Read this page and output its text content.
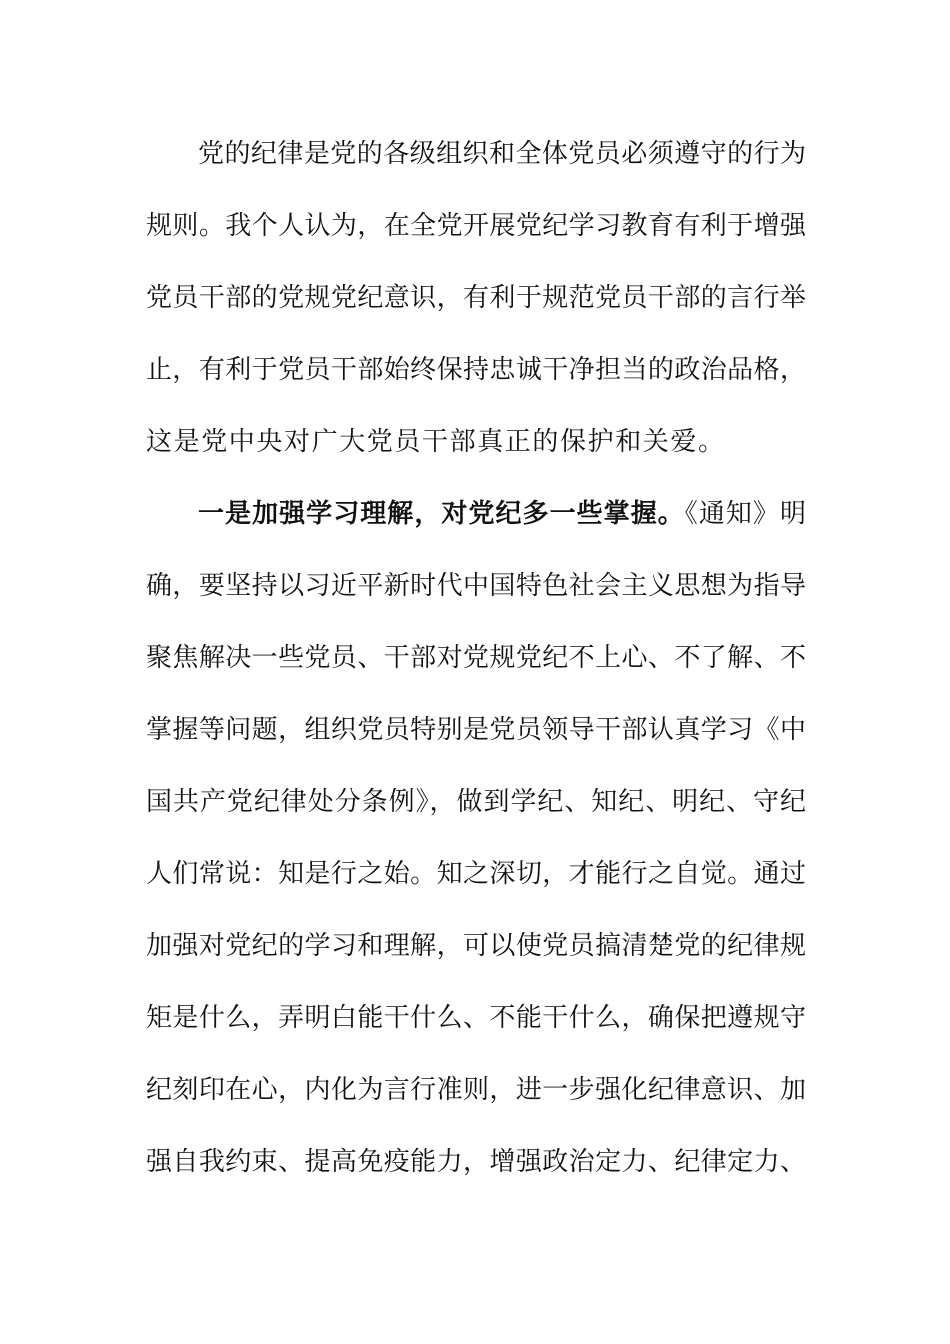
党的纪律是党的各级组织和全体党员必须遵守的行为
规则。我个人认为，在全党开展党纪学习教育有利于增强
党员干部的党规党纪意识，有利于规范党员干部的言行举
止，有利于党员干部始终保持忠诚干净担当的政治品格，
这是党中央对广大党员干部真正的保护和关爱。
一是加强学习理解，对党纪多一些掌握。《通知》明
确，要坚持以习近平新时代中国特色社会主义思想为指导
聚焦解决一些党员、干部对党规党纪不上心、不了解、不
掌握等问题，组织党员特别是党员领导干部认真学习《中
国共产党纪律处分条例》，做到学纪、知纪、明纪、守纪
人们常说：知是行之始。知之深切，才能行之自觉。通过
加强对党纪的学习和理解，可以使党员搞清楚党的纪律规
矩是什么，弄明白能干什么、不能干什么，确保把遵规守
纪刻印在心，内化为言行准则，进一步强化纪律意识、加
强自我约束、提高免疫能力，增强政治定力、纪律定力、
